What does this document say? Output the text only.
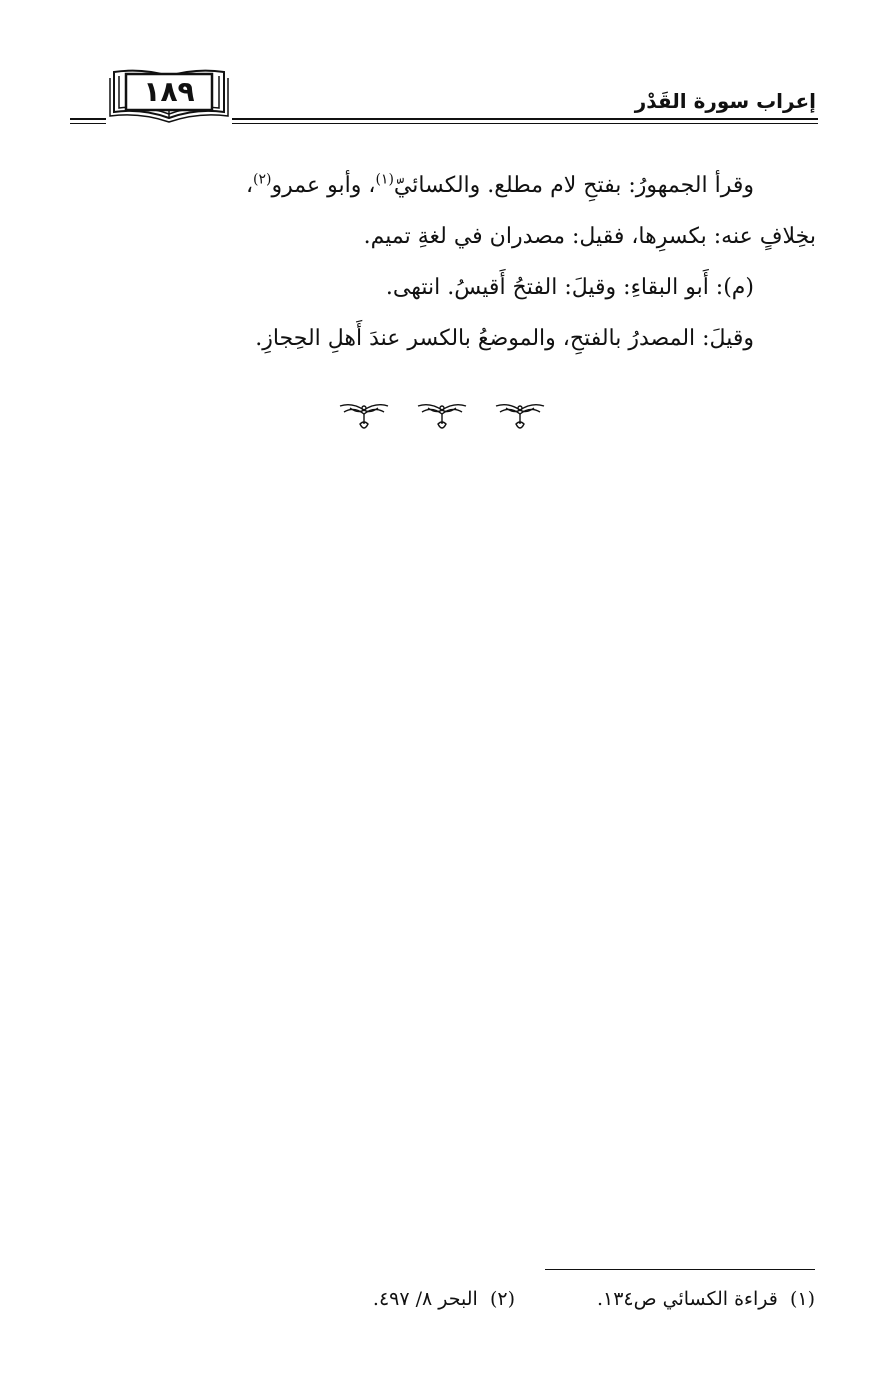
إعراب سورة القَدْر
١٨٩

وقرأ الجمهورُ: بفتحِ لام مطلع. والكسائيّ$^{(١)}$، وأبو عمرو$^{(٢)}$،

بخِلافٍ عنه: بكسرِها، فقيل: مصدران في لغةِ تميم.

(م): أَبو البقاءِ: وقيلَ: الفتحُ أَقيسُ. انتهى.

وقيلَ: المصدرُ بالفتحِ، والموضعُ بالكسر عندَ أَهلِ الحِجازِ.

(١)  قراءة الكسائي ص١٣٤.
(٢)  البحر ٨/ ٤٩٧.
